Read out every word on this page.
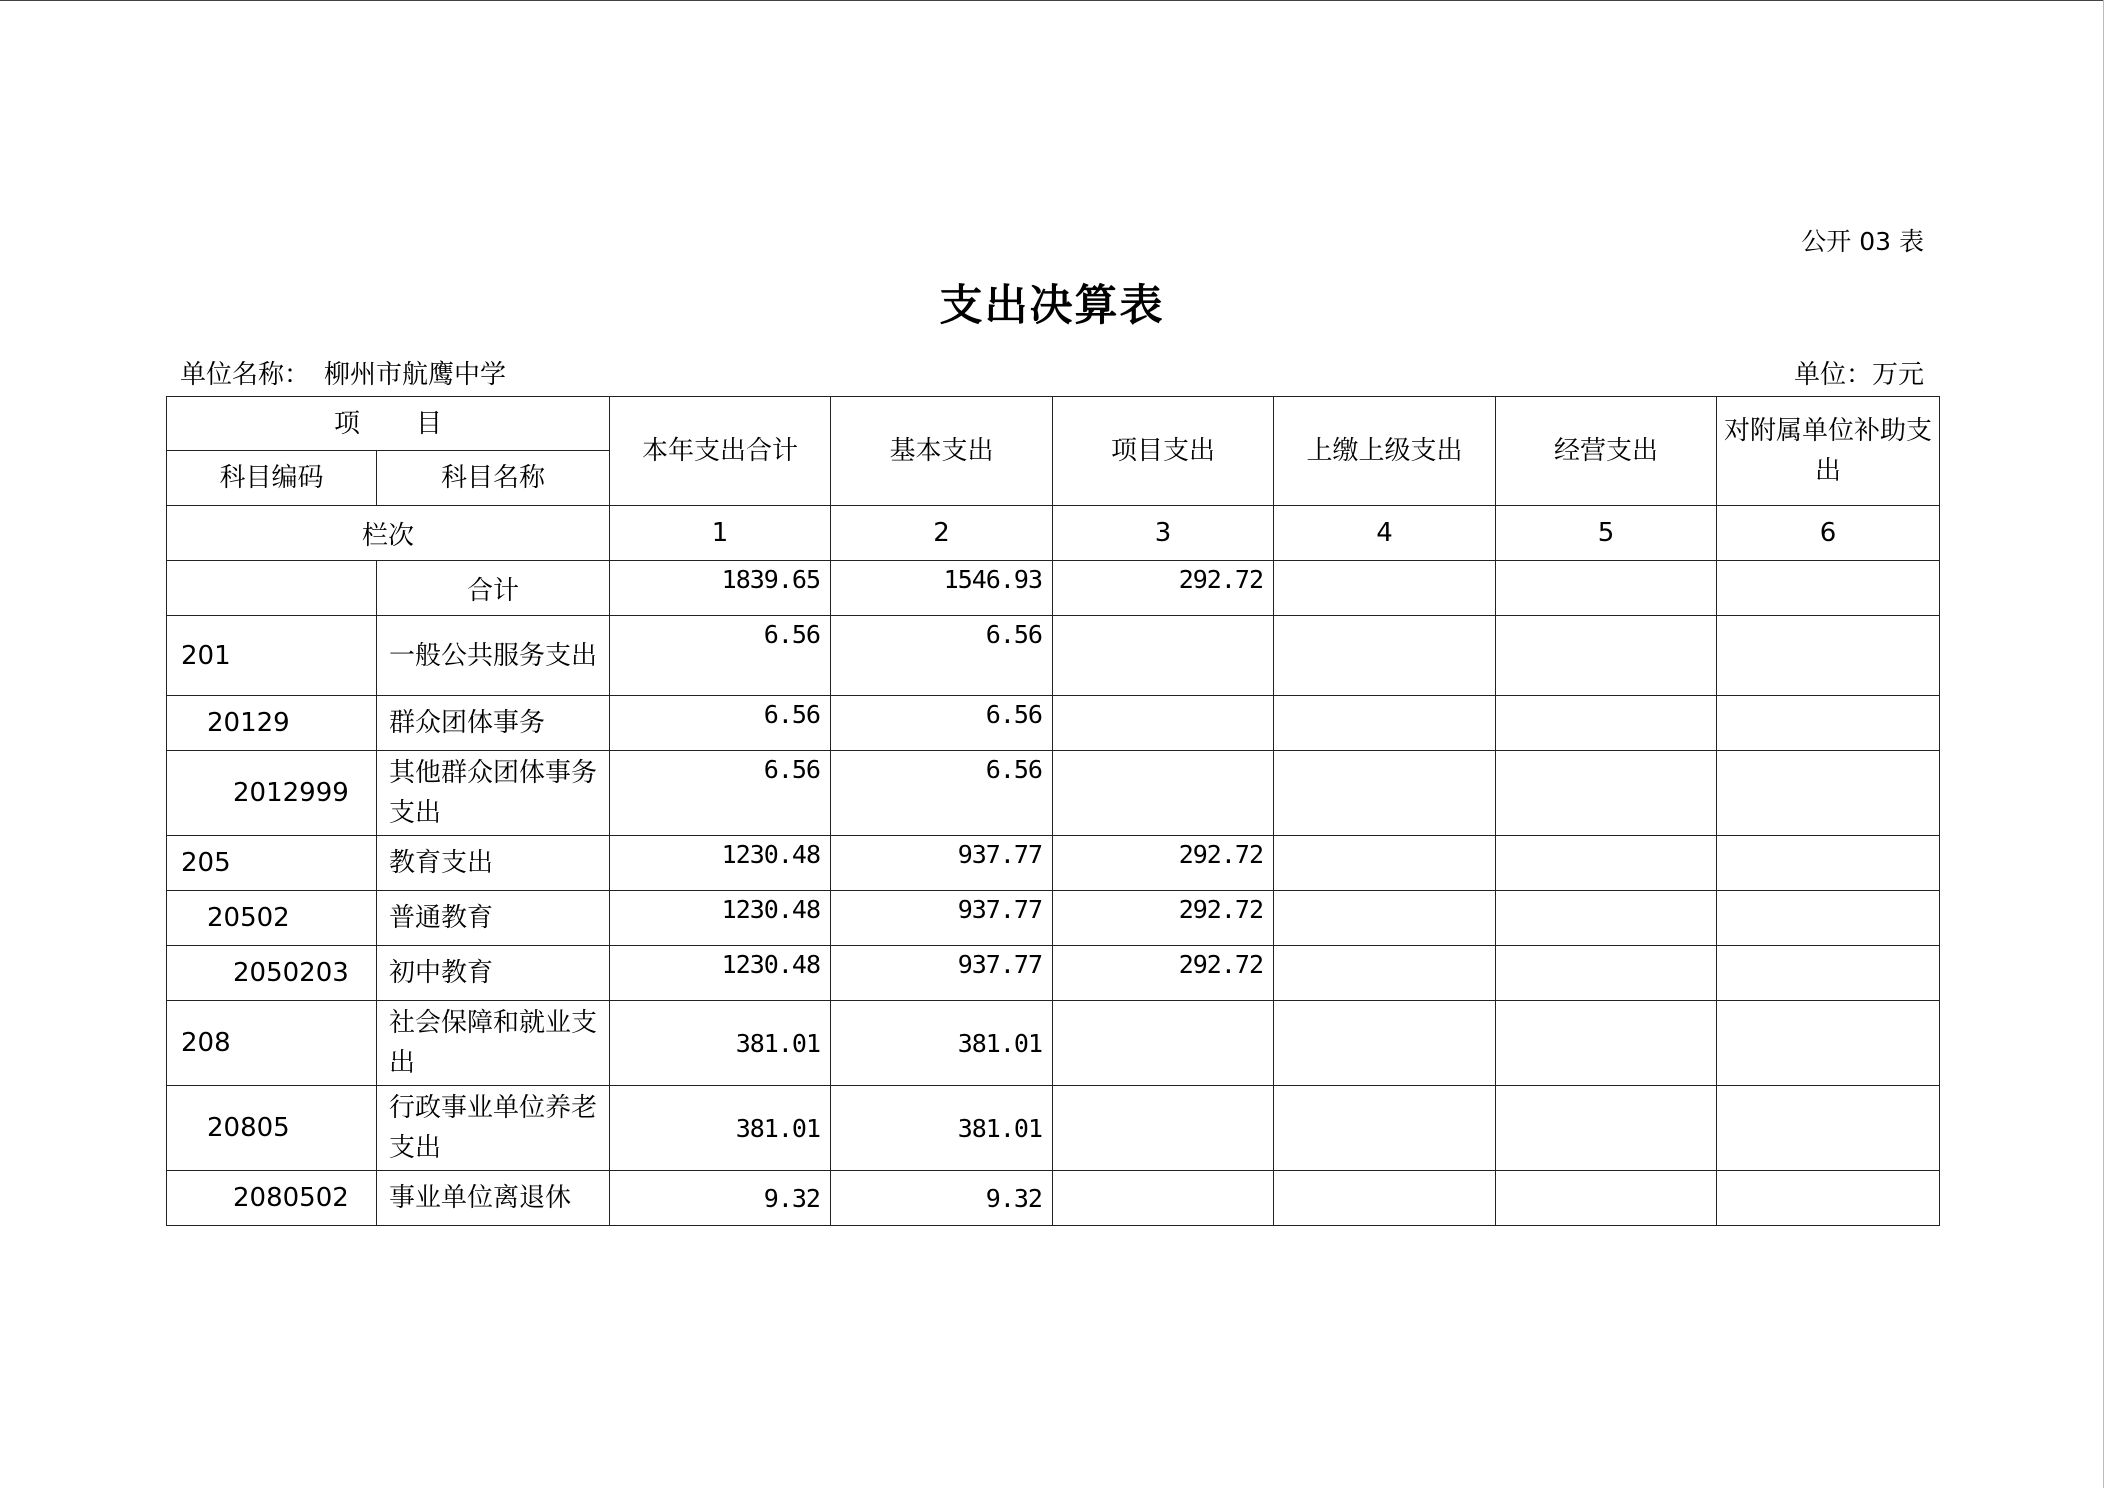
公开 03 表
支出决算表
单位名称： 柳州市航鹰中学	单位：万元
项 目		本年支出合计	基本支出	项目支出	上缴上级支出	经营支出	对附属单位补助支出
科目编码	科目名称						
栏次		1	2	3	4	5	6
	合计	1839.65	1546.93	292.72			
201	一般公共服务支出	6.56	6.56				
20129	群众团体事务	6.56	6.56				
2012999	其他群众团体事务支出	6.56	6.56				
205	教育支出	1230.48	937.77	292.72			
20502	普通教育	1230.48	937.77	292.72			
2050203	初中教育	1230.48	937.77	292.72			
208	社会保障和就业支出	381.01	381.01				
20805	行政事业单位养老支出	381.01	381.01				
2080502	事业单位离退休	9.32	9.32				
